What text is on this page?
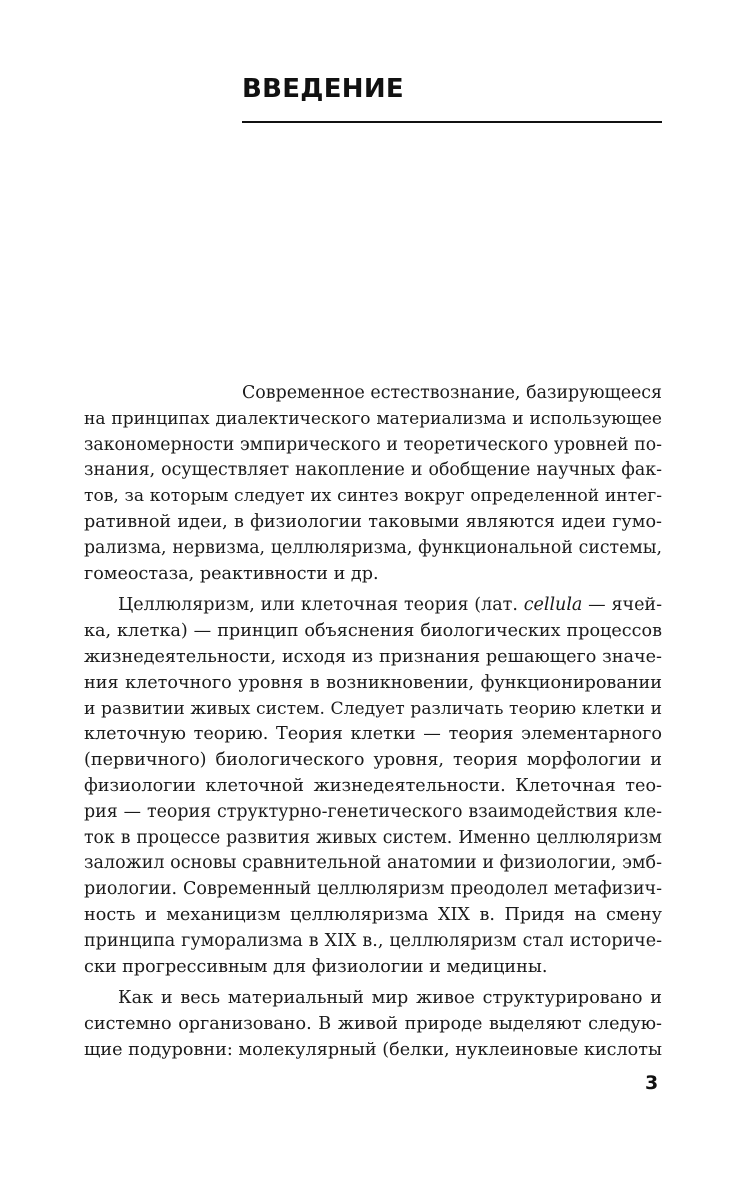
ВВЕДЕНИЕ
Современное естествознание, базирующееся
на принципах диалектического материализма и использующее
закономерности эмпирического и теоретического уровней по-
знания, осуществляет накопление и обобщение научных фак-
тов, за которым следует их синтез вокруг определенной интег-
ративной идеи, в физиологии таковыми являются идеи гумо-
рализма, нервизма, целлюляризма, функциональной системы,
гомеостаза, реактивности и др.
Целлюляризм, или клеточная теория (лат. cellula — ячей-
ка, клетка) — принцип объяснения биологических процессов
жизнедеятельности, исходя из признания решающего значе-
ния клеточного уровня в возникновении, функционировании
и развитии живых систем. Следует различать теорию клетки и
клеточную теорию. Теория клетки — теория элементарного
(первичного) биологического уровня, теория морфологии и
физиологии клеточной жизнедеятельности. Клеточная тео-
рия — теория структурно-генетического взаимодействия кле-
ток в процессе развития живых систем. Именно целлюляризм
заложил основы сравнительной анатомии и физиологии, эмб-
риологии. Современный целлюляризм преодолел метафизич-
ность и механицизм целлюляризма XIX в. Придя на смену
принципа гуморализма в XIX в., целлюляризм стал историче-
ски прогрессивным для физиологии и медицины.
Как и весь материальный мир живое структурировано и
системно организовано. В живой природе выделяют следую-
щие подуровни: молекулярный (белки, нуклеиновые кислоты
3
